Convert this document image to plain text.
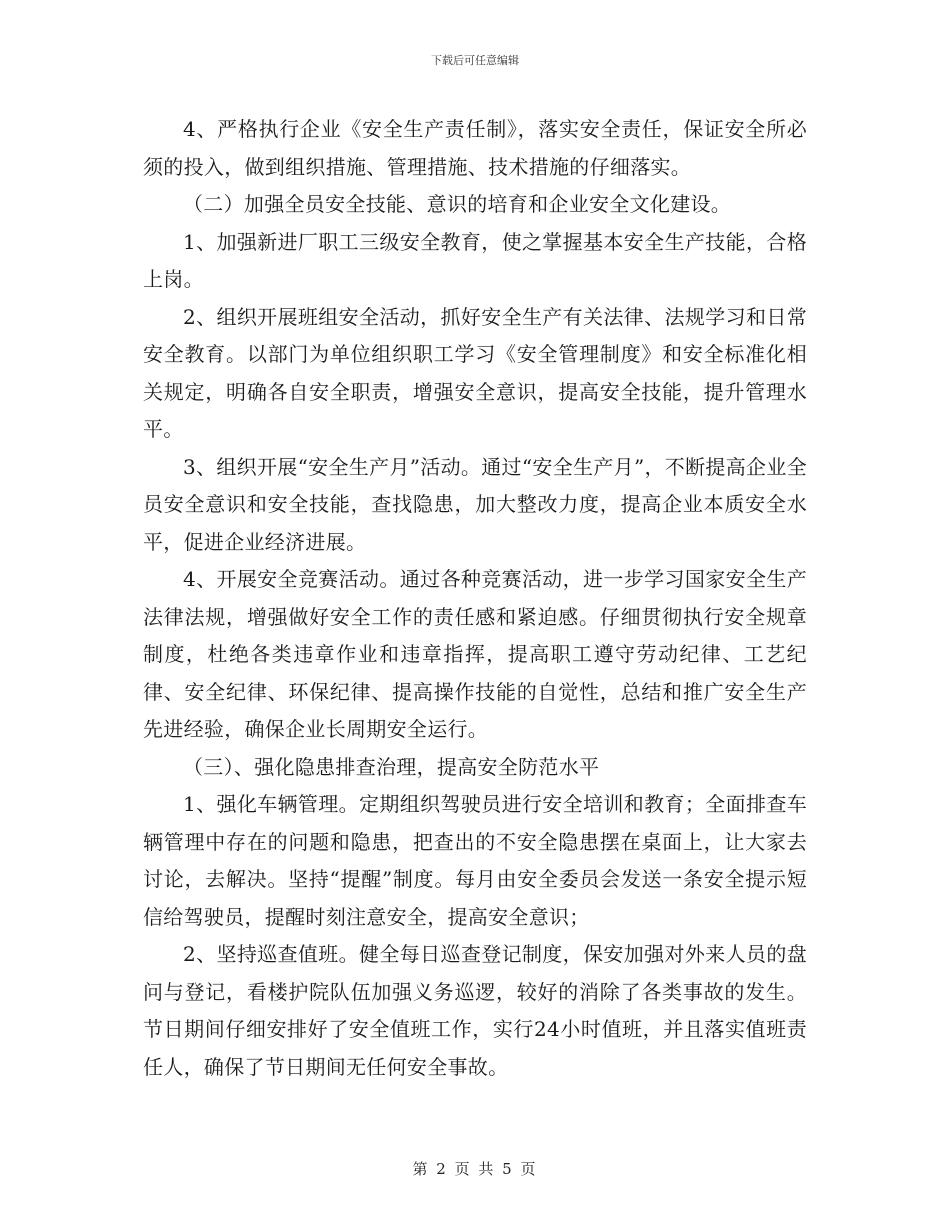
下载后可任意编辑

4、严格执行企业《安全生产责任制》，落实安全责任，保证安全所必须的投入，做到组织措施、管理措施、技术措施的仔细落实。

（二）加强全员安全技能、意识的培育和企业安全文化建设。

1、加强新进厂职工三级安全教育，使之掌握基本安全生产技能，合格上岗。

2、组织开展班组安全活动，抓好安全生产有关法律、法规学习和日常安全教育。以部门为单位组织职工学习《安全管理制度》和安全标准化相关规定，明确各自安全职责，增强安全意识，提高安全技能，提升管理水平。

3、组织开展“安全生产月”活动。通过“安全生产月”，不断提高企业全员安全意识和安全技能，查找隐患，加大整改力度，提高企业本质安全水平，促进企业经济进展。

4、开展安全竞赛活动。通过各种竞赛活动，进一步学习国家安全生产法律法规，增强做好安全工作的责任感和紧迫感。仔细贯彻执行安全规章制度，杜绝各类违章作业和违章指挥，提高职工遵守劳动纪律、工艺纪律、安全纪律、环保纪律、提高操作技能的自觉性，总结和推广安全生产先进经验，确保企业长周期安全运行。

（三）、强化隐患排查治理，提高安全防范水平

1、强化车辆管理。定期组织驾驶员进行安全培训和教育；全面排查车辆管理中存在的问题和隐患，把查出的不安全隐患摆在桌面上，让大家去讨论，去解决。坚持“提醒”制度。每月由安全委员会发送一条安全提示短信给驾驶员，提醒时刻注意安全，提高安全意识；

2、坚持巡查值班。健全每日巡查登记制度，保安加强对外来人员的盘问与登记，看楼护院队伍加强义务巡逻，较好的消除了各类事故的发生。节日期间仔细安排好了安全值班工作，实行24小时值班，并且落实值班责任人，确保了节日期间无任何安全事故。

第 2 页 共 5 页
